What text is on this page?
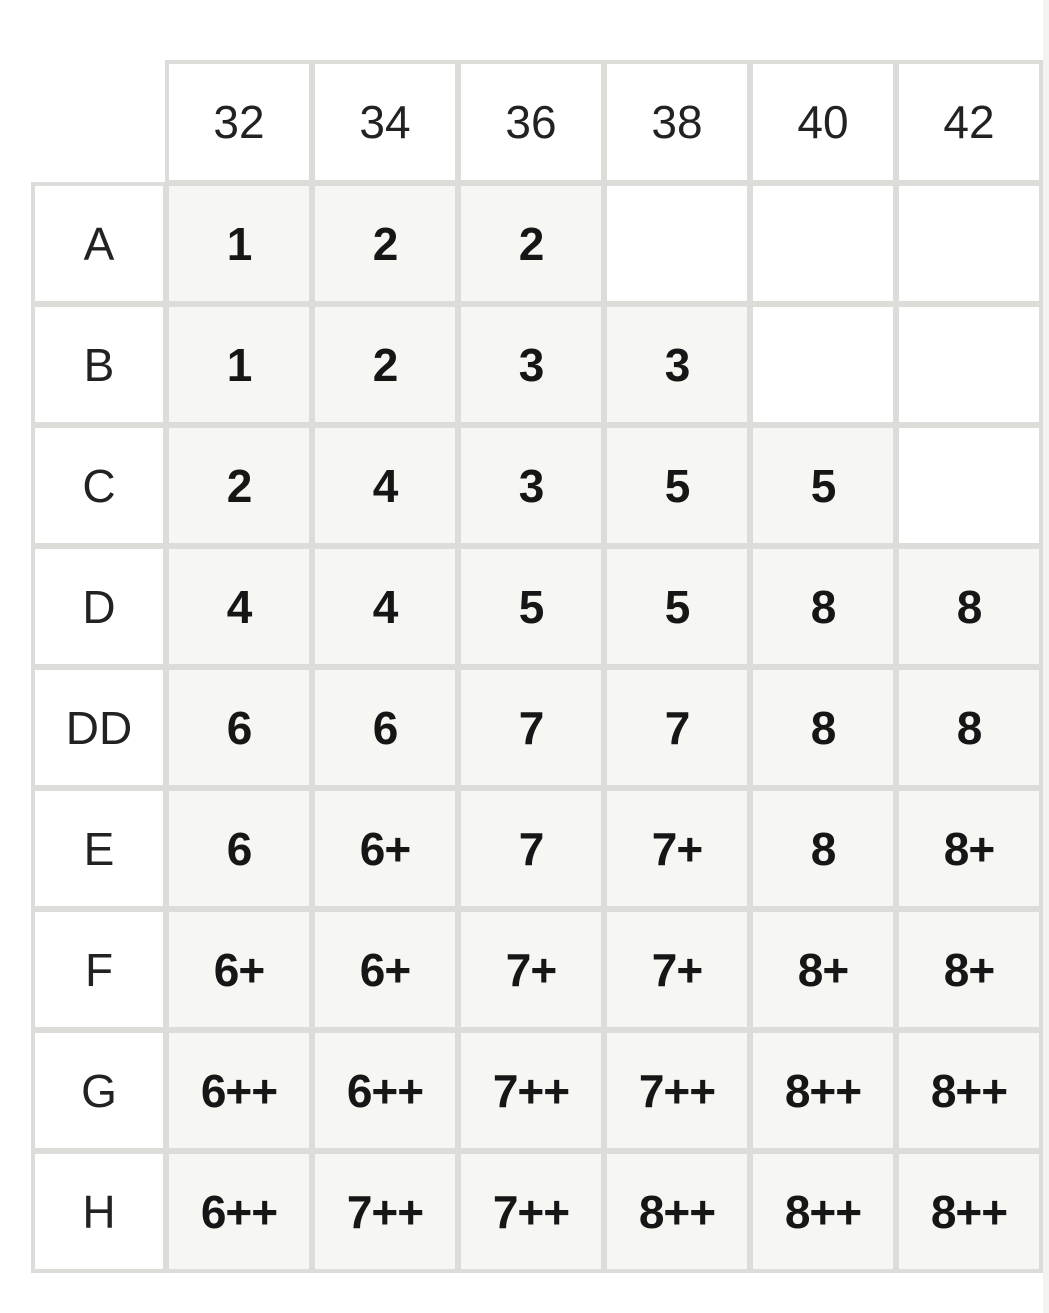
32	34	36	38	40	42
A	1	2	2
B	1	2	3	3
C	2	4	3	5	5
D	4	4	5	5	8	8
DD	6	6	7	7	8	8
E	6	6+	7	7+	8	8+
F	6+	6+	7+	7+	8+	8+
G	6++	6++	7++	7++	8++	8++
H	6++	7++	7++	8++	8++	8++
